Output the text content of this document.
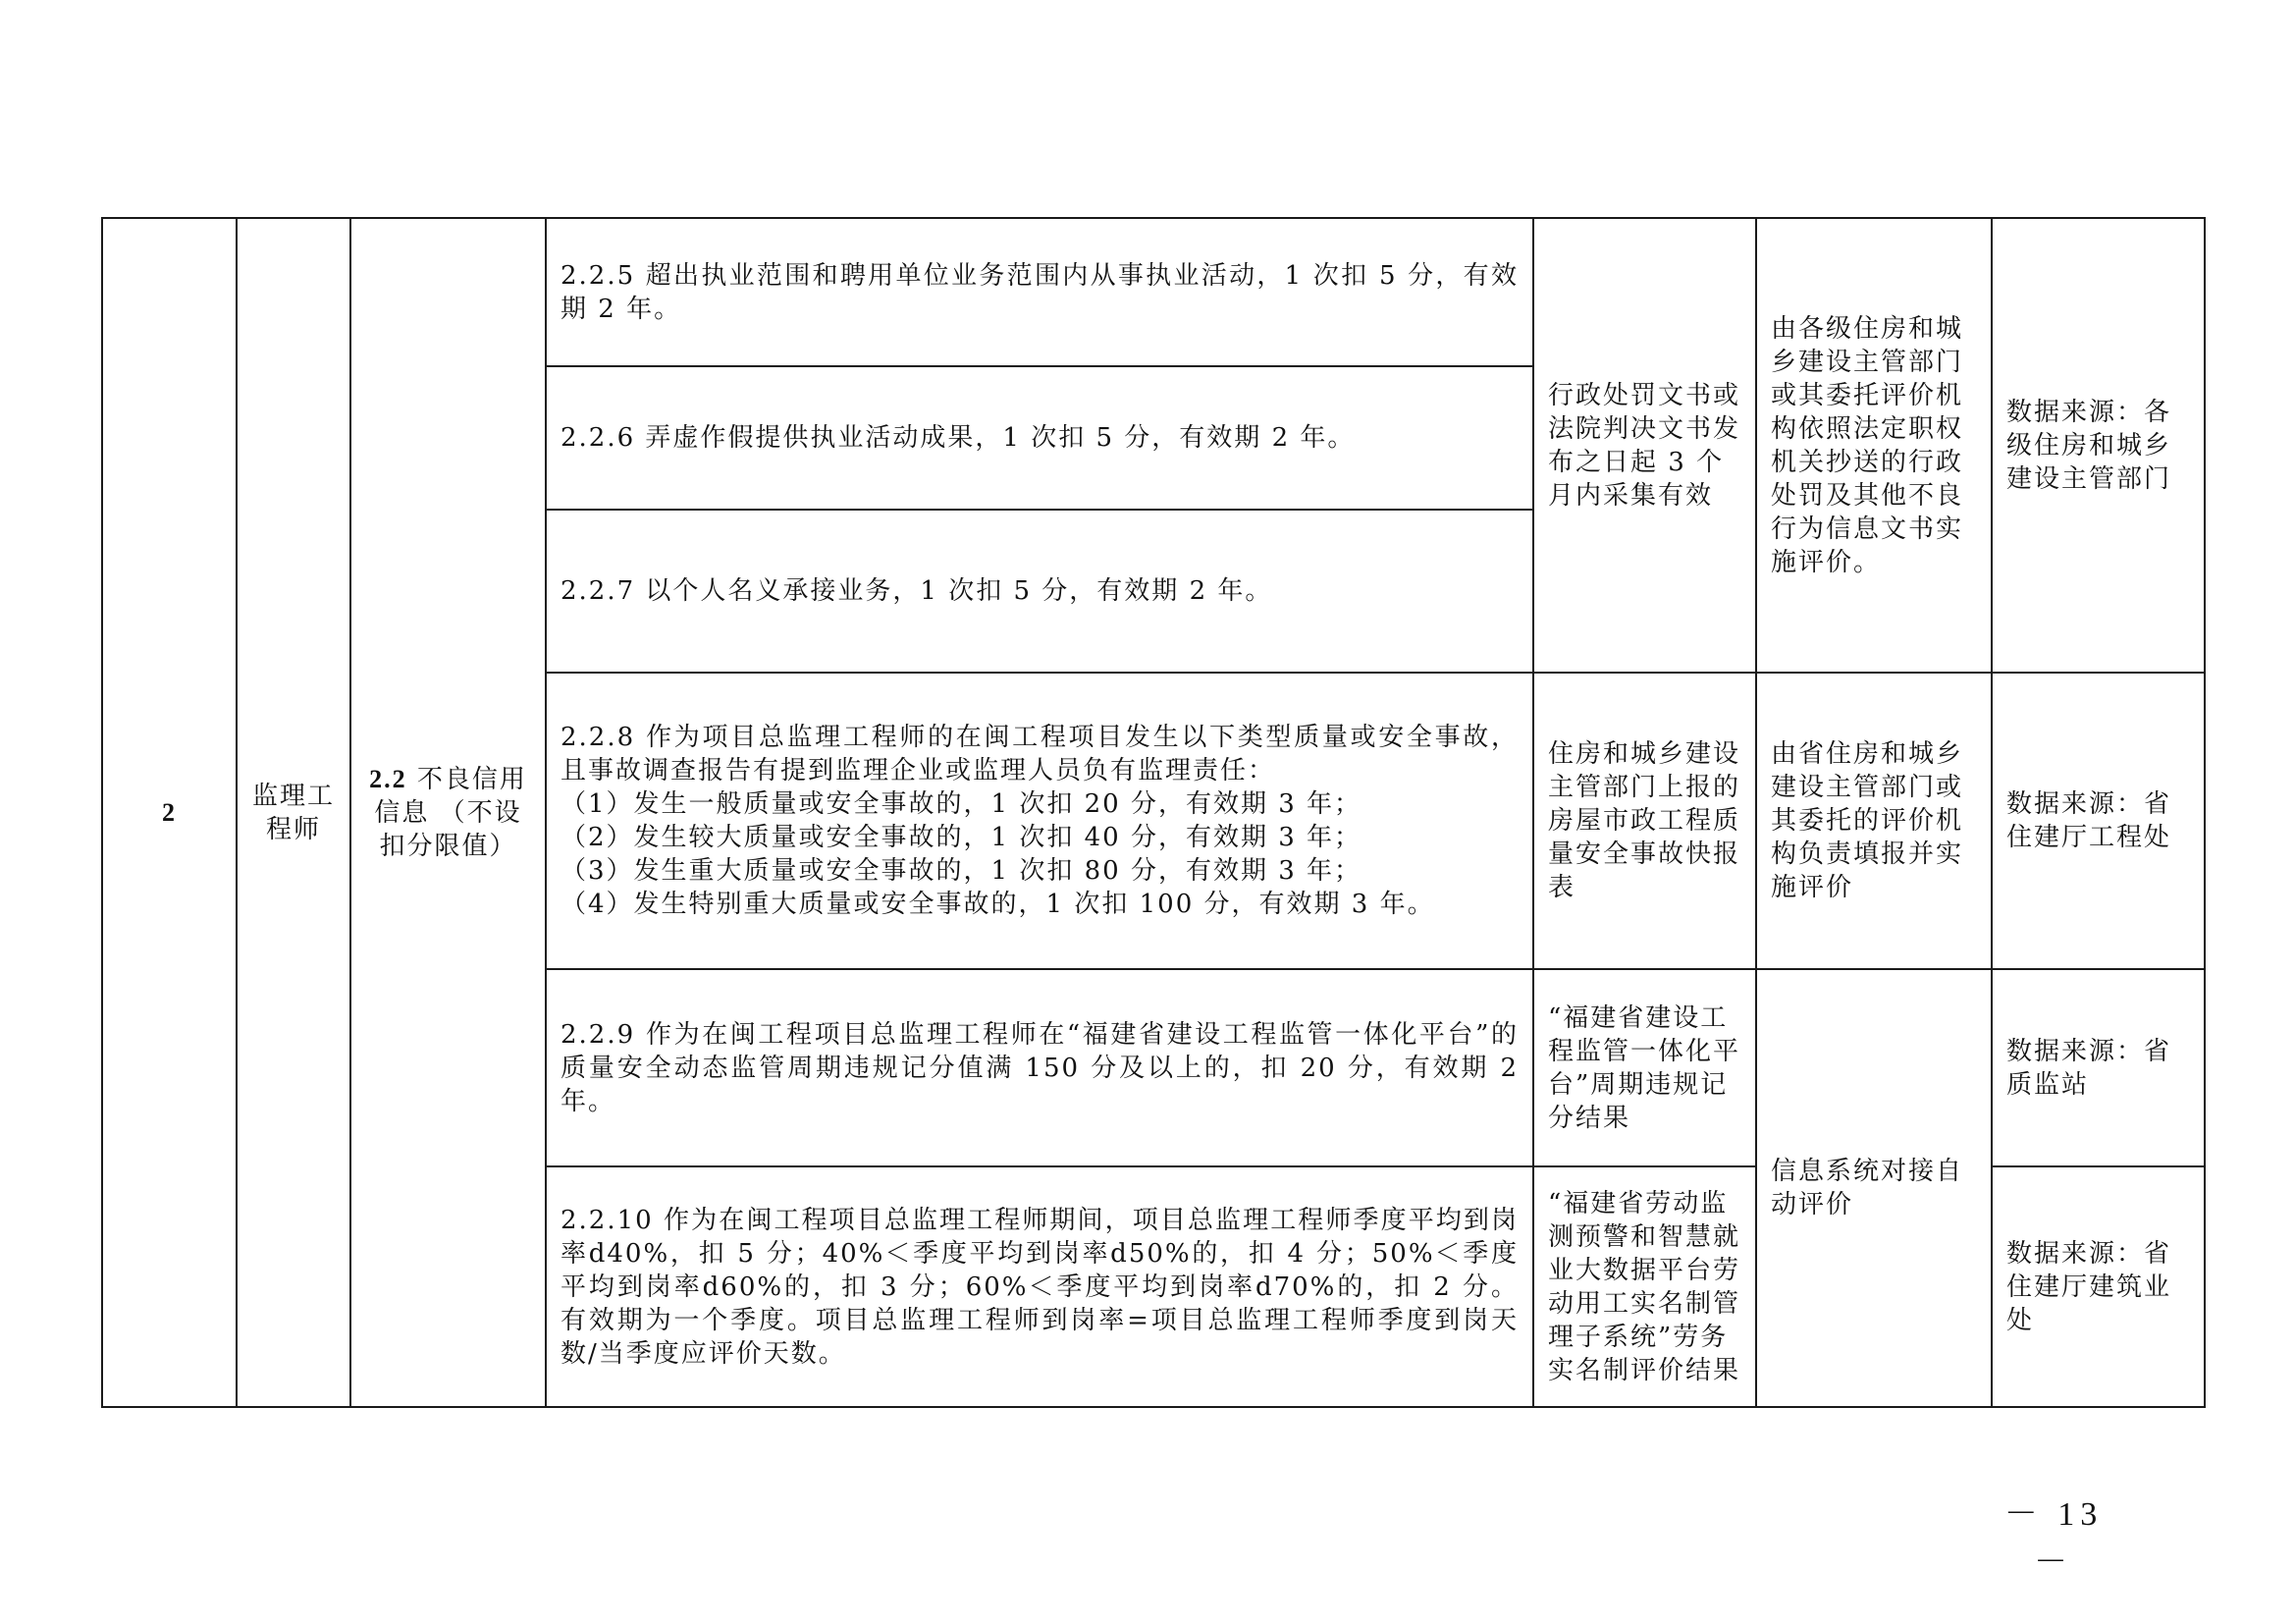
2	监理工程师	2.2 不良信用信息 （不设扣分限值）	2.2.5 超出执业范围和聘用单位业务范围内从事执业活动，1 次扣 5 分，有效期 2 年。	行政处罚文书或法院判决文书发布之日起 3 个月内采集有效	由各级住房和城乡建设主管部门或其委托评价机构依照法定职权机关抄送的行政处罚及其他不良行为信息文书实施评价。	数据来源：各级住房和城乡建设主管部门
			2.2.6 弄虚作假提供执业活动成果，1 次扣 5 分，有效期 2 年。			
			2.2.7 以个人名义承接业务，1 次扣 5 分，有效期 2 年。			

			2.2.8 作为项目总监理工程师的在闽工程项目发生以下类型质量或安全事故，且事故调查报告有提到监理企业或监理人员负有监理责任：
（1）发生一般质量或安全事故的，1 次扣 20 分，有效期 3 年；
（2）发生较大质量或安全事故的，1 次扣 40 分，有效期 3 年；
（3）发生重大质量或安全事故的，1 次扣 80 分，有效期 3 年；
（4）发生特别重大质量或安全事故的，1 次扣 100 分，有效期 3 年。	住房和城乡建设主管部门上报的房屋市政工程质量安全事故快报表	由省住房和城乡建设主管部门或其委托的评价机构负责填报并实施评价	数据来源：省住建厅工程处
			2.2.9 作为在闽工程项目总监理工程师在“福建省建设工程监管一体化平台”的质量安全动态监管周期违规记分值满 150 分及以上的，扣 20 分，有效期 2 年。	“福建省建设工程监管一体化平台”周期违规记分结果	信息系统对接自动评价	数据来源：省质监站
			2.2.10 作为在闽工程项目总监理工程师期间，项目总监理工程师季度平均到岗率d40%，扣 5 分；40%＜季度平均到岗率d50%的，扣 4 分；50%＜季度平均到岗率d60%的，扣 3 分；60%＜季度平均到岗率d70%的，扣 2 分。有效期为一个季度。项目总监理工程师到岗率=项目总监理工程师季度到岗天数/当季度应评价天数。	“福建省劳动监测预警和智慧就业大数据平台劳动用工实名制管理子系统”劳务实名制评价结果		数据来源：省住建厅建筑业处
－ 13 －
